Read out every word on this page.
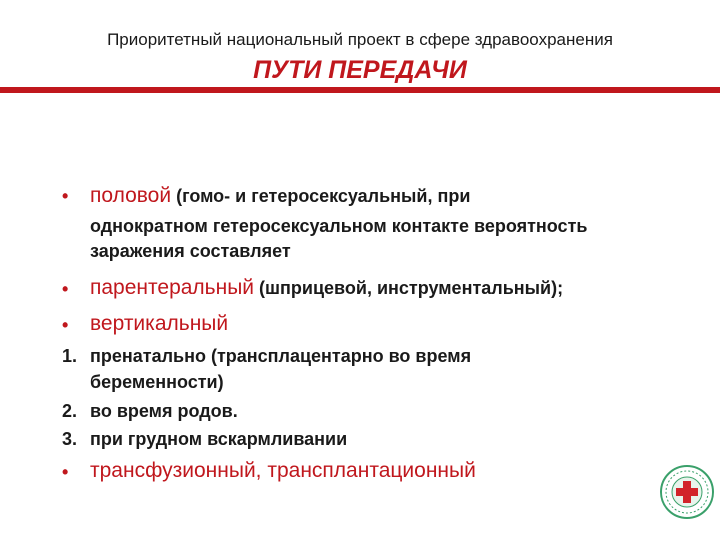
Приоритетный национальный проект в сфере здравоохранения
ПУТИ ПЕРЕДАЧИ
• половой (гомо- и гетеросексуальный, при
однократном гетеросексуальном контакте вероятность
заражения составляет
• парентеральный (шприцевой, инструментальный);
• вертикальный
1. пренатально (трансплацентарно во время
беременности)
2. во время родов.
3. при грудном вскармливании
• трансфузионный, трансплантационный
